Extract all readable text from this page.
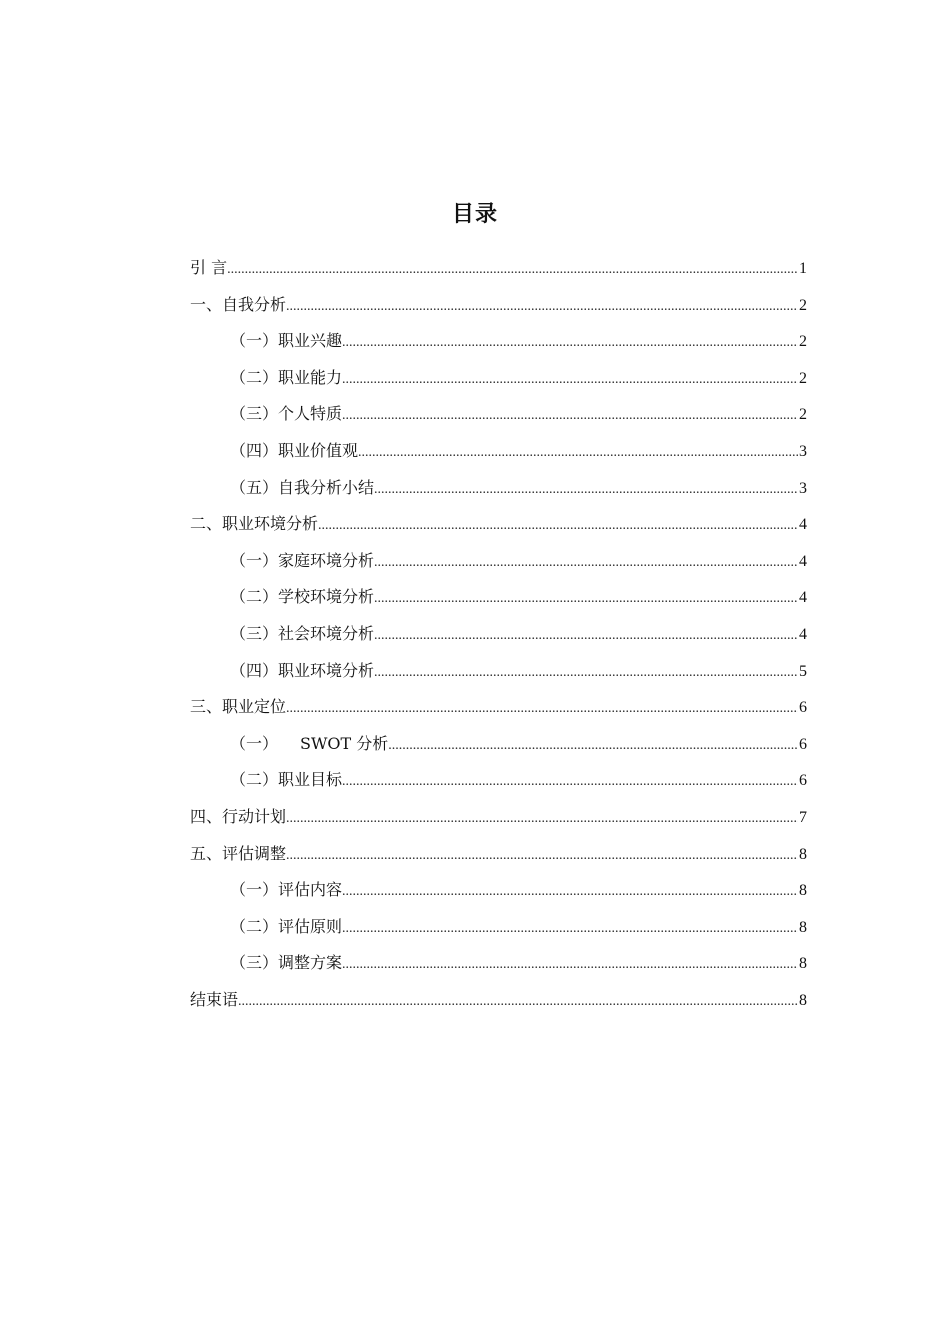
目录
引 言 .....	1
一、自我分析 .....	2
（一）职业兴趣 .....	2
（二）职业能力 .....	2
（三）个人特质 .....	2
（四）职业价值观 .....	3
（五）自我分析小结 .....	3
二、职业环境分析 .....	4
（一）家庭环境分析 .....	4
（二）学校环境分析 .....	4
（三）社会环境分析 .....	4
（四）职业环境分析 .....	5
三、职业定位 .....	6
（一） SWOT 分析 .....	6
（二）职业目标 .....	6
四、行动计划 .....	7
五、评估调整 .....	8
（一）评估内容 .....	8
（二）评估原则 .....	8
（三）调整方案 .....	8
结束语 .....	8
